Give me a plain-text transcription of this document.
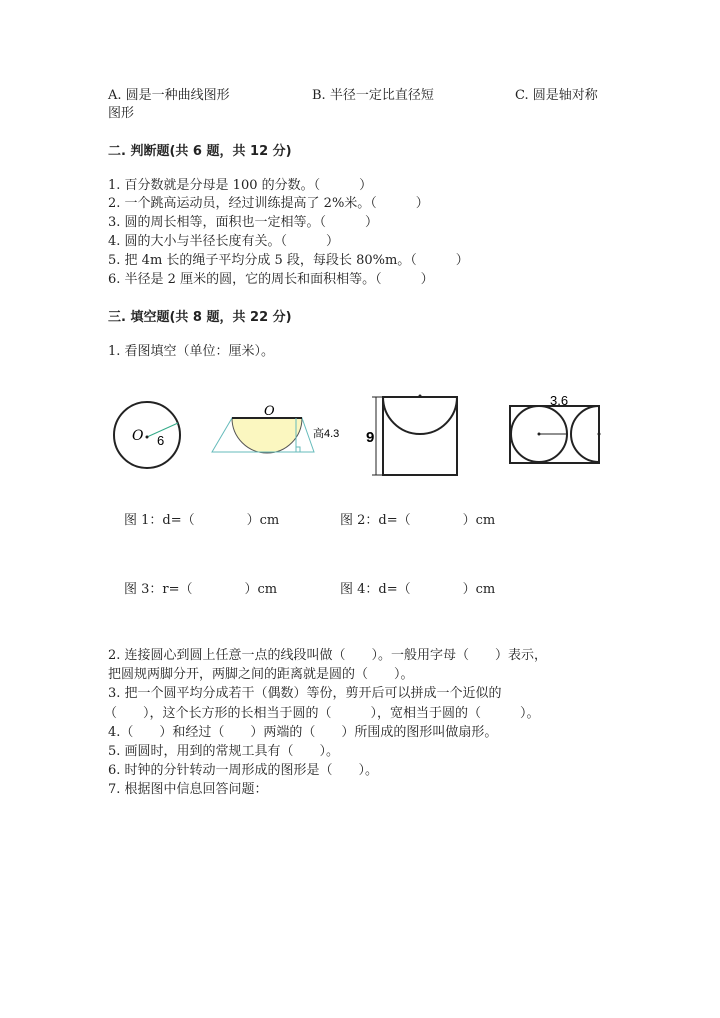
A. 圆是一种曲线图形	B. 半径一定比直径短	C. 圆是轴对称
图形
二. 判断题(共 6 题，共 12 分)
1. 百分数就是分母是 100 的分数。（　　　）
2. 一个跳高运动员，经过训练提高了 2%米。（　　　）
3. 圆的周长相等，面积也一定相等。（　　　）
4. 圆的大小与半径长度有关。（　　　）
5. 把 4m 长的绳子平均分成 5 段，每段长 80%m。（　　　）
6. 半径是 2 厘米的圆，它的周长和面积相等。（　　　）
三. 填空题(共 8 题，共 22 分)
1. 看图填空（单位：厘米）。
O 6
O
高4.3 9
3.6
图 1：d=（　　　　）cm	图 2：d=（　　　　）cm
图 3：r=（　　　　）cm	图 4：d=（　　　　）cm
2. 连接圆心到圆上任意一点的线段叫做（　　）。一般用字母（　　）表示，
把圆规两脚分开，两脚之间的距离就是圆的（　　）。
3. 把一个圆平均分成若干（偶数）等份，剪开后可以拼成一个近似的
（　　），这个长方形的长相当于圆的（　　　），宽相当于圆的（　　　）。
4.（　　）和经过（　　）两端的（　　）所围成的图形叫做扇形。
5. 画圆时，用到的常规工具有（　　）。
6. 时钟的分针转动一周形成的图形是（　　）。
7. 根据图中信息回答问题：
